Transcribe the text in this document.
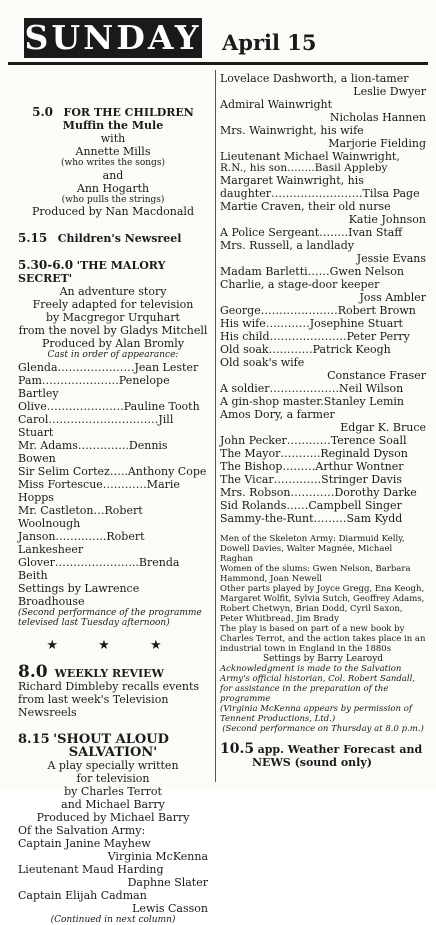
SUNDAY April 15
5.0 FOR THE CHILDREN
Muffin the Mule
with
Annette Mills
(who writes the songs)
and
Ann Hogarth
(who pulls the strings)
Produced by Nan Macdonald
5.15 Children's Newsreel
5.30-6.0 'THE MALORY SECRET'
An adventure story
Freely adapted for television
by Macgregor Urquhart
from the novel by Gladys Mitchell
Produced by Alan Bromly
Cast in order of appearance:
Glenda…………………Jean Lester
Pam…………………Penelope Bartley
Olive…………………Pauline Tooth
Carol…………………………Jill Stuart
Mr. Adams…………..Dennis Bowen
Sir Selim Cortez…..Anthony Cope
Miss Fortescue…………Marie Hopps
Mr. Castleton…Robert Woolnough
Janson…………..Robert Lankesheer
Glover…………………..Brenda Beith
Settings by Lawrence Broadhouse
(Second performance of the programme televised last Tuesday afternoon)
★ ★ ★
8.0 WEEKLY REVIEW
Richard Dimbleby recalls events from last week's Television Newsreels
8.15 'SHOUT ALOUD
SALVATION'
A play specially written
for television
by Charles Terrot
and Michael Barry
Produced by Michael Barry
Of the Salvation Army:
Captain Janine Mayhew
Virginia McKenna
Lieutenant Maud Harding
Daphne Slater
Captain Elijah Cadman
Lewis Casson
(Continued in next column)
Lovelace Dashworth, a lion-tamer
Leslie Dwyer
Admiral Wainwright
Nicholas Hannen
Mrs. Wainwright, his wife
Marjorie Fielding
Lieutenant Michael Wainwright,
R.N., his son……..Basil Appleby
Margaret Wainwright, his daughter…………………….Tilsa Page
Martie Craven, their old nurse
Katie Johnson
A Police Sergeant……..Ivan Staff
Mrs. Russell, a landlady
Jessie Evans
Madam Barletti……Gwen Nelson
Charlie, a stage-door keeper
Joss Ambler
George…………………Robert Brown
His wife…………Josephine Stuart
His child…………………Peter Perry
Old soak…………Patrick Keogh
Old soak's wife
Constance Fraser
A soldier……………….Neil Wilson
A gin-shop master.Stanley Lemin
Amos Dory, a farmer
Edgar K. Bruce
John Pecker…………Terence Soall
The Mayor………..Reginald Dyson
The Bishop………Arthur Wontner
The Vicar………….Stringer Davis
Mrs. Robson…………Dorothy Darke
Sid Rolands……Campbell Singer
Sammy-the-Runt………Sam Kydd
Men of the Skeleton Army: Diarmuid Kelly, Dowell Davies, Walter Magnée, Michael Raghan
Women of the slums: Gwen Nelson, Barbara Hammond, Joan Newell
Other parts played by Joyce Gregg, Ena Keogh, Margaret Wolfit, Sylvia Sutch, Geoffrey Adams, Robert Chetwyn, Brian Dodd, Cyril Saxon, Peter Whitbread, Jim Brady
The play is based on part of a new book by Charles Terrot, and the action takes place in an industrial town in England in the 1880s
Settings by Barry Learoyd
Acknowledgment is made to the Salvation Army's official historian, Col. Robert Sandall, for assistance in the preparation of the programme
(Virginia McKenna appears by permission of Tennent Productions, Ltd.)
(Second performance on Thursday at 8.0 p.m.)
10.5 app. Weather Forecast and
NEWS (sound only)
